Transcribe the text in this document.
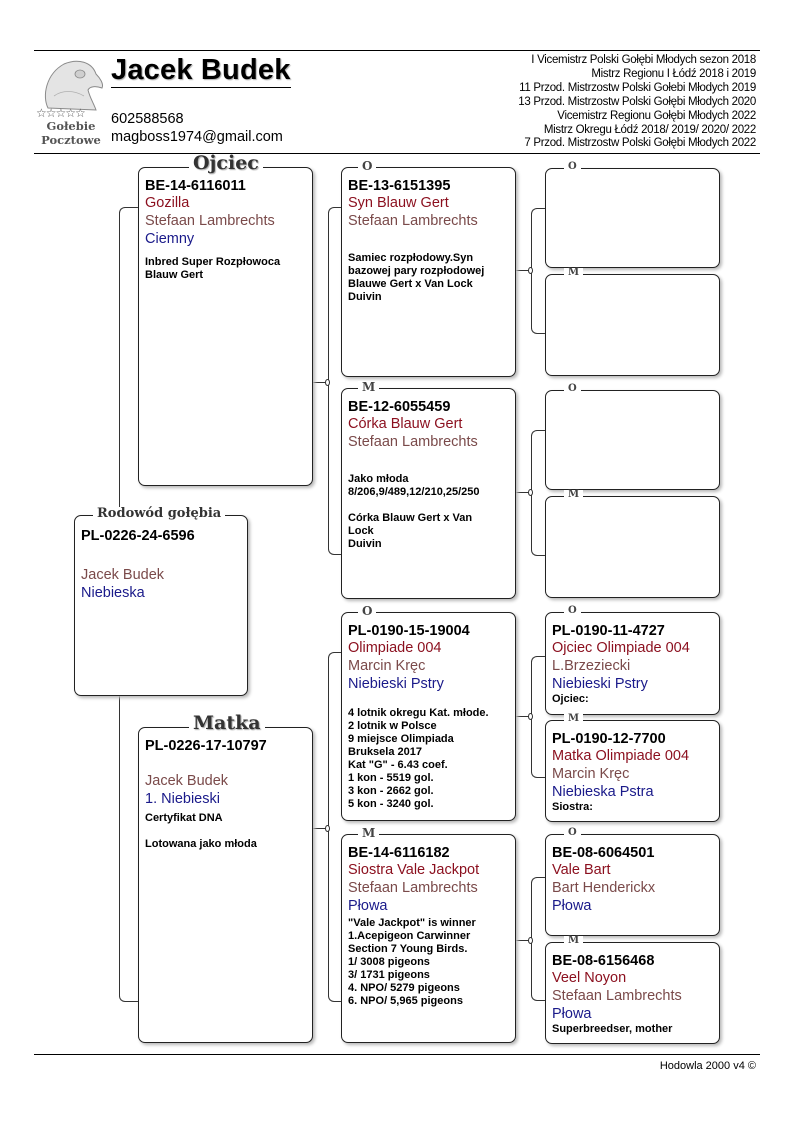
☆☆☆☆☆
Gołebie
Pocztowe
Jacek Budek
602588568
magboss1974@gmail.com
I Vicemistrz Polski Gołębi Młodych sezon 2018
Mistrz Regionu I Łódź 2018 i 2019
11 Przod. Mistrzostw Polski Gołebi Młodych 2019
13 Przod. Mistrzostw Polski Gołębi Młodych 2020
Vicemistrz Regionu Gołębi Młodych 2022
Mistrz Okregu Łódź 2018/ 2019/ 2020/ 2022
7 Przod. Mistrzostw Polski Gołębi Młodych 2022
Rodowód gołębia
PL-0226-24-6596
Jacek Budek
Niebieska
Ojciec
BE-14-6116011
Gozilla
Stefaan Lambrechts
Ciemny
Inbred Super Rozpłowoca
Blauw Gert
Matka
PL-0226-17-10797
Jacek Budek
1. Niebieski
Certyfikat DNA

Lotowana jako młoda
O
BE-13-6151395
Syn Blauw Gert
Stefaan Lambrechts
Samiec rozpłodowy.Syn
bazowej pary rozpłodowej
Blauwe Gert x Van Lock
Duivin
M
BE-12-6055459
Córka Blauw Gert
Stefaan Lambrechts
Jako młoda
8/206,9/489,12/210,25/250

Córka Blauw Gert x Van
Lock
Duivin
O
PL-0190-15-19004
Olimpiade 004
Marcin Kręc
Niebieski Pstry
4 lotnik okregu Kat. młode.
2 lotnik w Polsce
9 miejsce Olimpiada
Bruksela 2017
Kat "G" - 6.43 coef.
1 kon - 5519 gol.
3 kon - 2662 gol.
5 kon - 3240 gol.
M
BE-14-6116182
Siostra Vale Jackpot
Stefaan Lambrechts
Płowa
"Vale Jackpot" is winner
1.Acepigeon Carwinner
Section 7 Young Birds.
1/ 3008 pigeons
3/ 1731 pigeons
4. NPO/ 5279 pigeons
6. NPO/ 5,965 pigeons
O
M
O
M
O
PL-0190-11-4727
Ojciec Olimpiade 004
L.Brzeziecki
Niebieski Pstry
Ojciec:
M
PL-0190-12-7700
Matka Olimpiade 004
Marcin Kręc
Niebieska Pstra
Siostra:
O
BE-08-6064501
Vale Bart
Bart Henderickx
Płowa
M
BE-08-6156468
Veel Noyon
Stefaan Lambrechts
Płowa
Superbreedser, mother
Hodowla 2000 v4 ©
